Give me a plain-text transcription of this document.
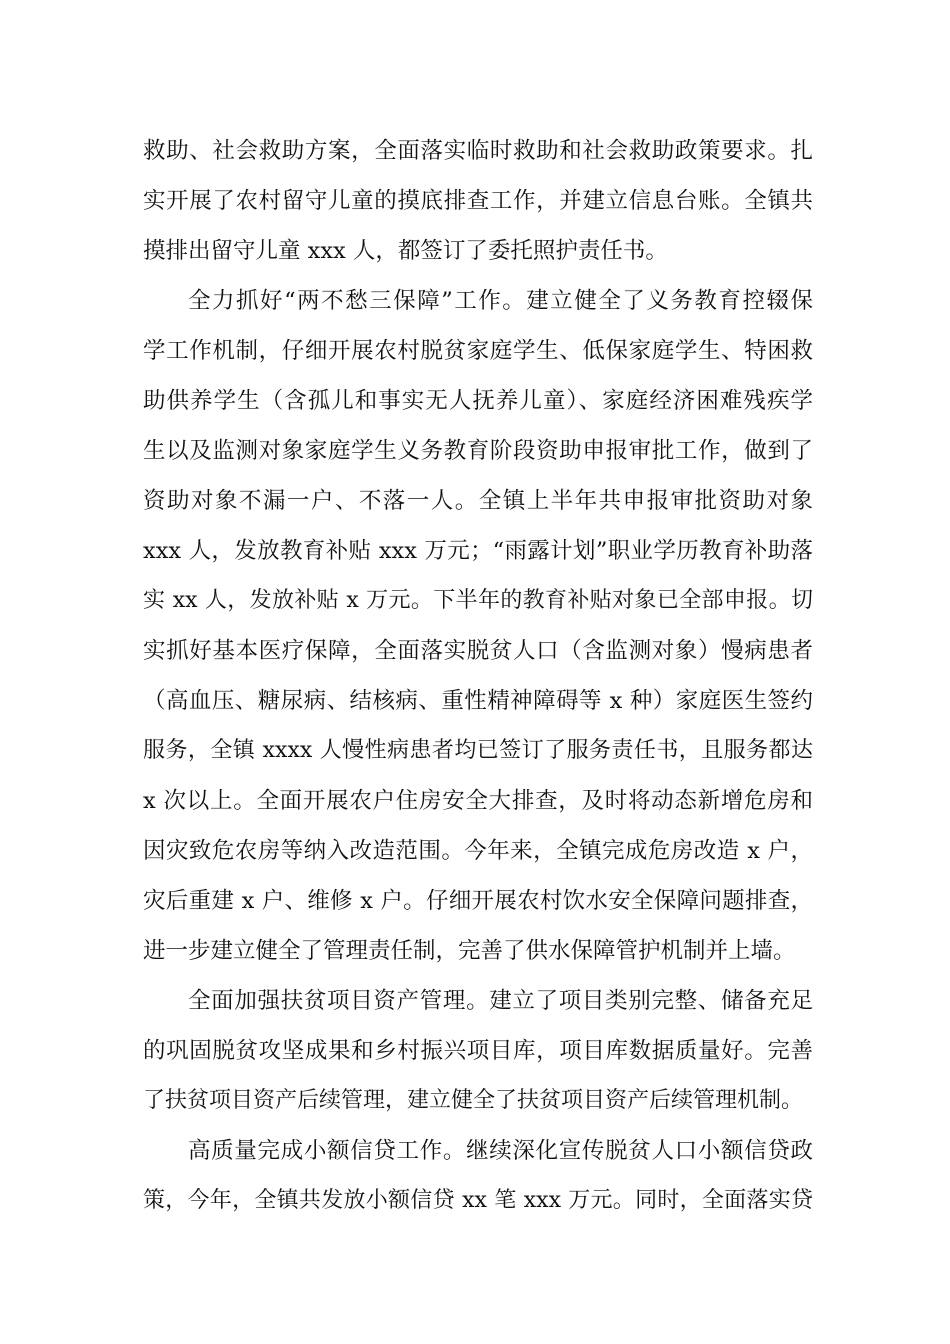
救助、社会救助方案，全面落实临时救助和社会救助政策要求。扎
实开展了农村留守儿童的摸底排查工作，并建立信息台账。全镇共
摸排出留守儿童 xxx 人，都签订了委托照护责任书。
全力抓好“两不愁三保障”工作。建立健全了义务教育控辍保
学工作机制，仔细开展农村脱贫家庭学生、低保家庭学生、特困救
助供养学生（含孤儿和事实无人抚养儿童）、家庭经济困难残疾学
生以及监测对象家庭学生义务教育阶段资助申报审批工作，做到了
资助对象不漏一户、不落一人。全镇上半年共申报审批资助对象
xxx 人，发放教育补贴 xxx 万元；“雨露计划”职业学历教育补助落
实 xx 人，发放补贴 x 万元。下半年的教育补贴对象已全部申报。切
实抓好基本医疗保障，全面落实脱贫人口（含监测对象）慢病患者
（高血压、糖尿病、结核病、重性精神障碍等 x 种）家庭医生签约
服务，全镇 xxxx 人慢性病患者均已签订了服务责任书，且服务都达
x 次以上。全面开展农户住房安全大排查，及时将动态新增危房和
因灾致危农房等纳入改造范围。今年来，全镇完成危房改造 x 户，
灾后重建 x 户、维修 x 户。仔细开展农村饮水安全保障问题排查，
进一步建立健全了管理责任制，完善了供水保障管护机制并上墙。
全面加强扶贫项目资产管理。建立了项目类别完整、储备充足
的巩固脱贫攻坚成果和乡村振兴项目库，项目库数据质量好。完善
了扶贫项目资产后续管理，建立健全了扶贫项目资产后续管理机制。
高质量完成小额信贷工作。继续深化宣传脱贫人口小额信贷政
策，今年，全镇共发放小额信贷 xx 笔 xxx 万元。同时，全面落实贷
